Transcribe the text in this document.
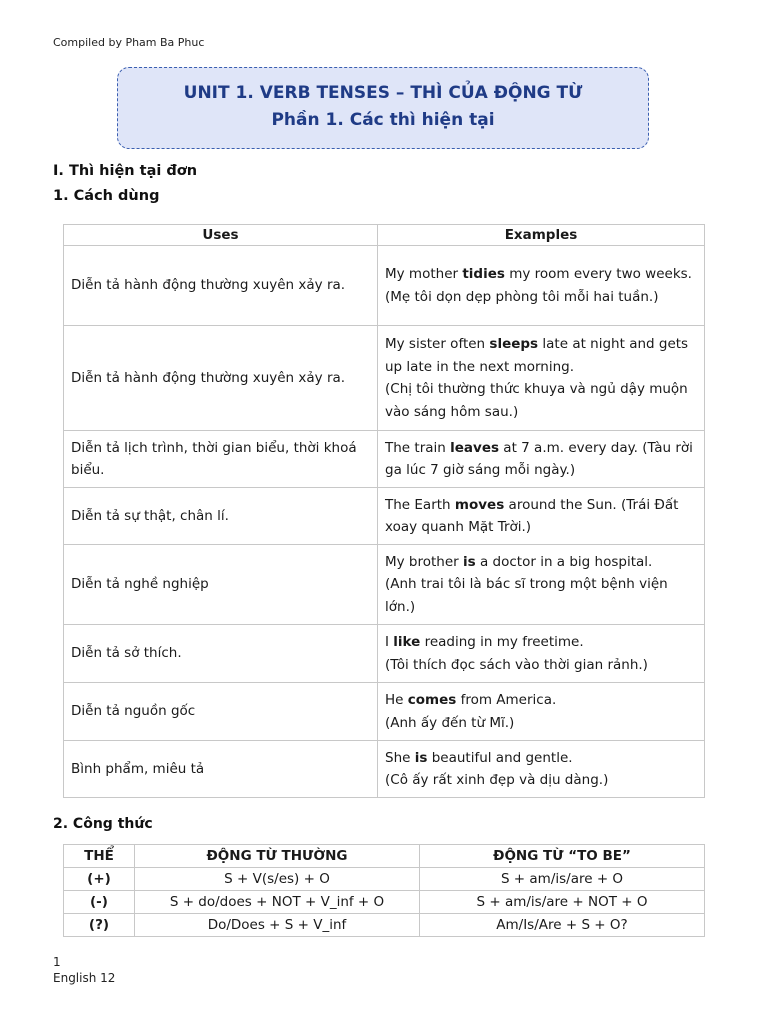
Compiled by Pham Ba Phuc
UNIT 1. VERB TENSES – THÌ CỦA ĐỘNG TỪ
Phần 1. Các thì hiện tại
I. Thì hiện tại đơn
1. Cách dùng
Uses	Examples
Diễn tả hành động thường xuyên xảy ra.	My mother tidies my room every two weeks.
(Mẹ tôi dọn dẹp phòng tôi mỗi hai tuần.)
Diễn tả hành động thường xuyên xảy ra.	My sister often sleeps late at night and gets up late in the next morning.
(Chị tôi thường thức khuya và ngủ dậy muộn vào sáng hôm sau.)
Diễn tả lịch trình, thời gian biểu, thời khoá biểu.	The train leaves at 7 a.m. every day. (Tàu rời ga lúc 7 giờ sáng mỗi ngày.)
Diễn tả sự thật, chân lí.	The Earth moves around the Sun. (Trái Đất xoay quanh Mặt Trời.)
Diễn tả nghề nghiệp	My brother is a doctor in a big hospital.
(Anh trai tôi là bác sĩ trong một bệnh viện lớn.)
Diễn tả sở thích.	I like reading in my freetime.
(Tôi thích đọc sách vào thời gian rảnh.)
Diễn tả nguồn gốc	He comes from America.
(Anh ấy đến từ Mĩ.)
Bình phẩm, miêu tả	She is beautiful and gentle.
(Cô ấy rất xinh đẹp và dịu dàng.)
2. Công thức
THỂ	ĐỘNG TỪ THƯỜNG	ĐỘNG TỪ “TO BE”
(+)	S + V(s/es) + O	S + am/is/are + O
(-)	S + do/does + NOT + V_inf + O	S + am/is/are + NOT + O
(?)	Do/Does + S + V_inf	Am/Is/Are + S + O?
1
English 12
